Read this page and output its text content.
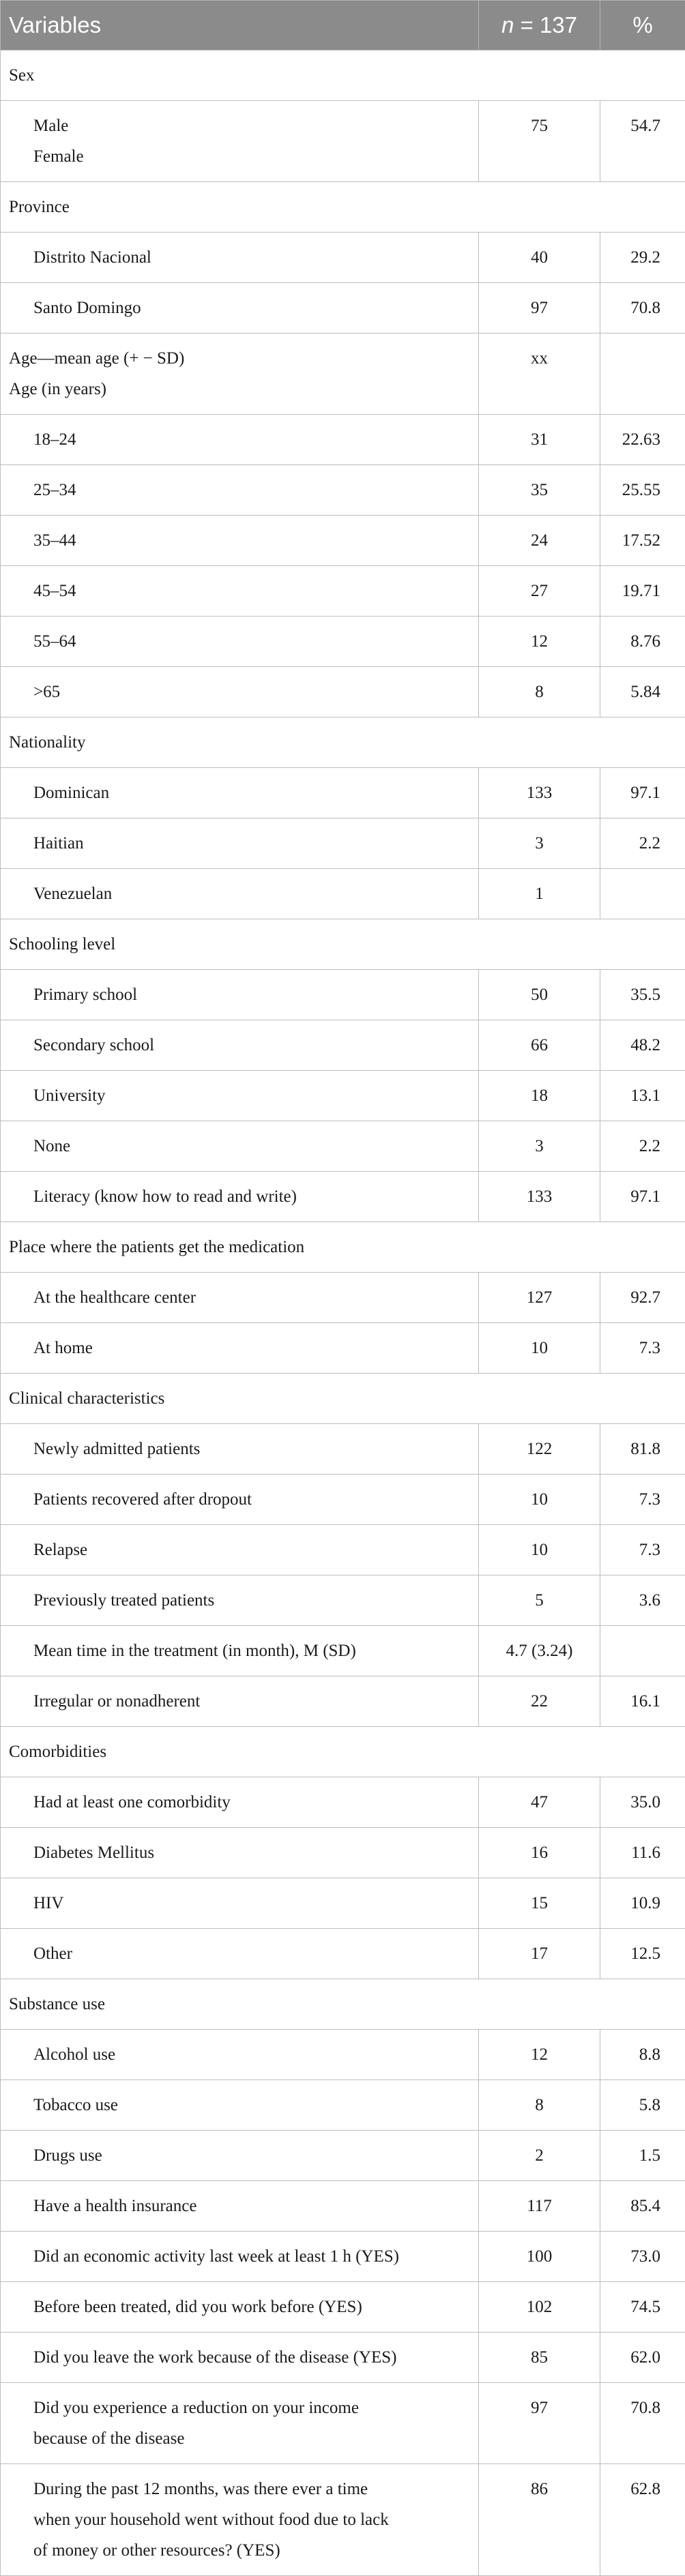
Variables	n = 137	%

Sex		

Male
Female	75	54.7

Province		

Distrito Nacional	40	29.2

Santo Domingo	97	70.8

Age—mean age (+ − SD)
Age (in years)	xx	

18–24	31	22.63

25–34	35	25.55

35–44	24	17.52

45–54	27	19.71

55–64	12	8.76

>65	8	5.84

Nationality		

Dominican	133	97.1

Haitian	3	2.2

Venezuelan	1	

Schooling level		

Primary school	50	35.5

Secondary school	66	48.2

University	18	13.1

None	3	2.2

Literacy (know how to read and write)	133	97.1

Place where the patients get the medication		

At the healthcare center	127	92.7

At home	10	7.3

Clinical characteristics		

Newly admitted patients	122	81.8

Patients recovered after dropout	10	7.3

Relapse	10	7.3

Previously treated patients	5	3.6

Mean time in the treatment (in month), M (SD)	4.7 (3.24)	

Irregular or nonadherent	22	16.1

Comorbidities		

Had at least one comorbidity	47	35.0

Diabetes Mellitus	16	11.6

HIV	15	10.9

Other	17	12.5

Substance use		

Alcohol use	12	8.8

Tobacco use	8	5.8

Drugs use	2	1.5

Have a health insurance	117	85.4

Did an economic activity last week at least 1 h (YES)	100	73.0

Before been treated, did you work before (YES)	102	74.5

Did you leave the work because of the disease (YES)	85	62.0

Did you experience a reduction on your income
because of the disease	97	70.8

During the past 12 months, was there ever a time
when your household went without food due to lack
of money or other resources? (YES)	86	62.8
